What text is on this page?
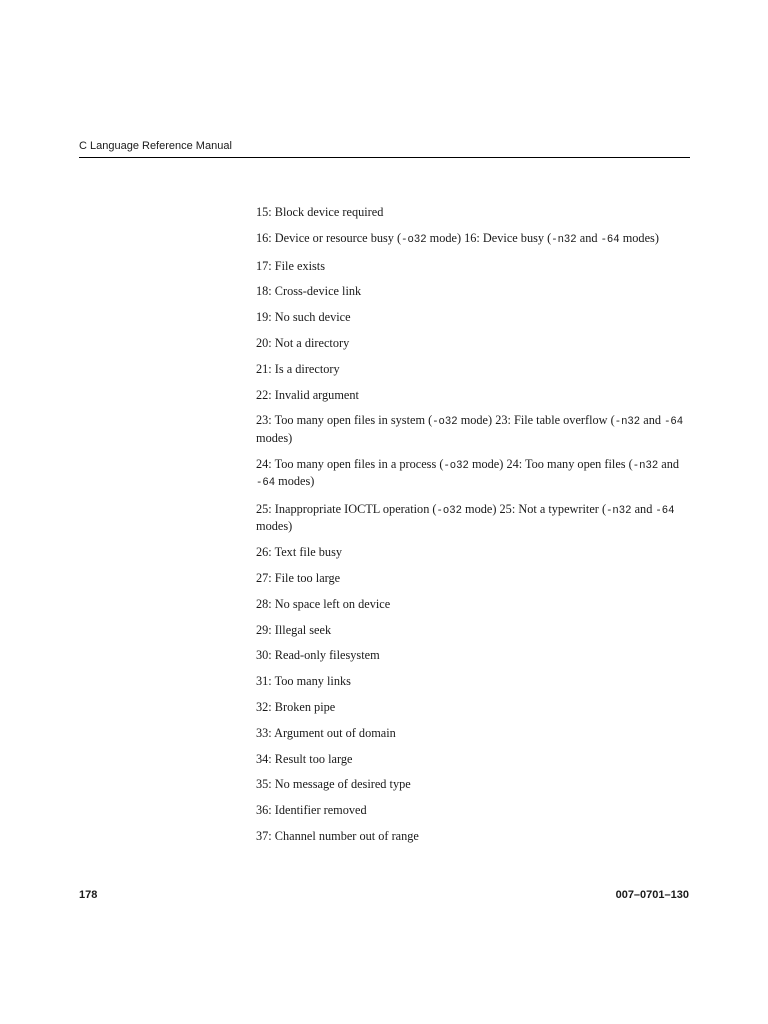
C Language Reference Manual
15: Block device required
16: Device or resource busy (-o32 mode) 16: Device busy (-n32 and -64 modes)
17: File exists
18: Cross-device link
19: No such device
20: Not a directory
21: Is a directory
22: Invalid argument
23: Too many open files in system (-o32 mode) 23: File table overflow (-n32 and -64 modes)
24: Too many open files in a process (-o32 mode) 24: Too many open files (-n32 and -64 modes)
25: Inappropriate IOCTL operation (-o32 mode) 25: Not a typewriter (-n32 and -64 modes)
26: Text file busy
27: File too large
28: No space left on device
29: Illegal seek
30: Read-only filesystem
31: Too many links
32: Broken pipe
33: Argument out of domain
34: Result too large
35: No message of desired type
36: Identifier removed
37: Channel number out of range
178	007–0701–130
